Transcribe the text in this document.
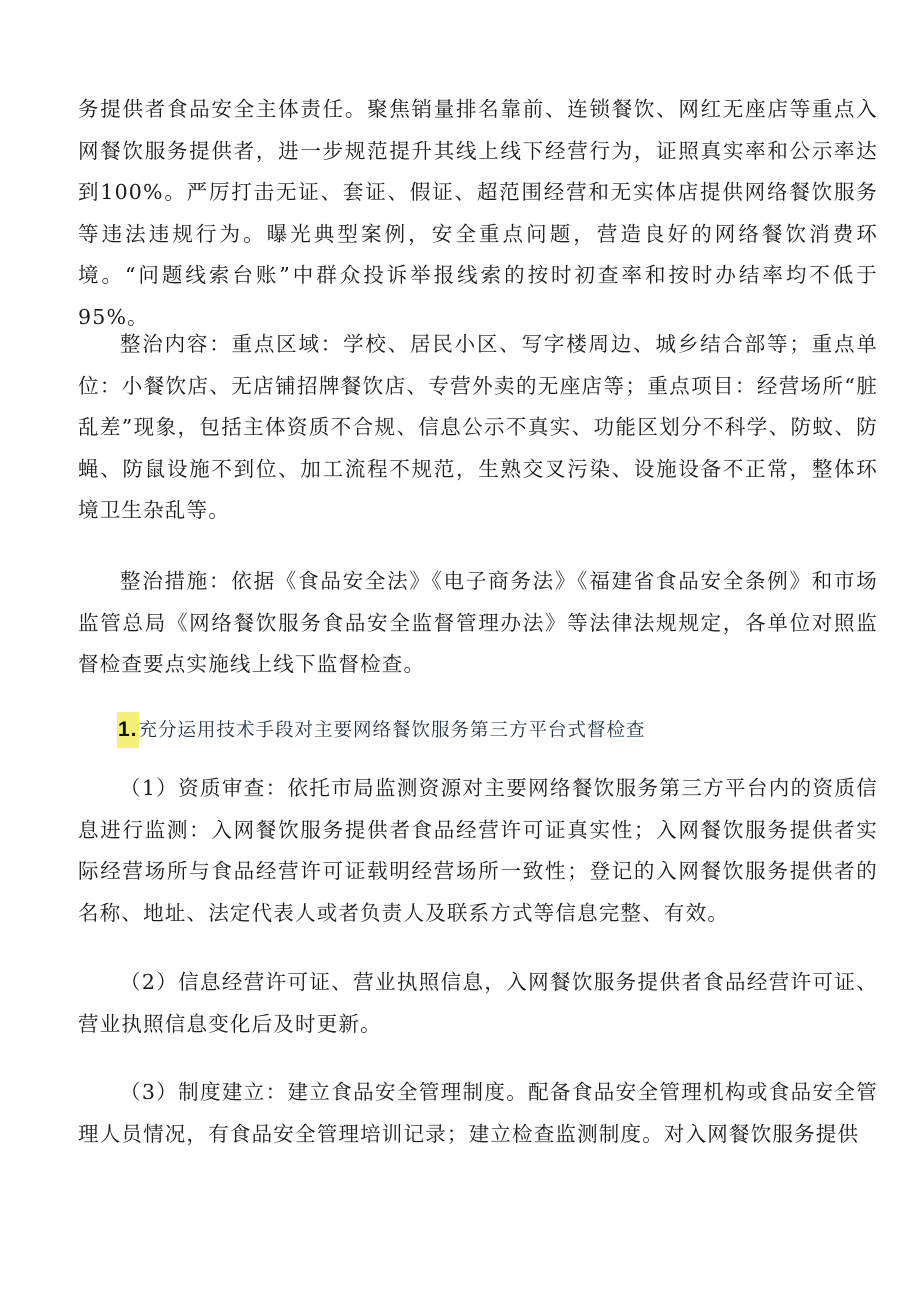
务提供者食品安全主体责任。聚焦销量排名靠前、连锁餐饮、网红无座店等重点入网餐饮服务提供者，进一步规范提升其线上线下经营行为，证照真实率和公示率达到100%。严厉打击无证、套证、假证、超范围经营和无实体店提供网络餐饮服务等违法违规行为。曝光典型案例，安全重点问题，营造良好的网络餐饮消费环境。“问题线索台账”中群众投诉举报线索的按时初查率和按时办结率均不低于95%。

整治内容：重点区域：学校、居民小区、写字楼周边、城乡结合部等；重点单位：小餐饮店、无店铺招牌餐饮店、专营外卖的无座店等；重点项目：经营场所“脏乱差”现象，包括主体资质不合规、信息公示不真实、功能区划分不科学、防蚊、防蝇、防鼠设施不到位、加工流程不规范，生熟交叉污染、设施设备不正常，整体环境卫生杂乱等。

整治措施：依据《食品安全法》《电子商务法》《福建省食品安全条例》和市场监管总局《网络餐饮服务食品安全监督管理办法》等法律法规规定，各单位对照监督检查要点实施线上线下监督检查。

1.充分运用技术手段对主要网络餐饮服务第三方平台式督检查

（1）资质审查：依托市局监测资源对主要网络餐饮服务第三方平台内的资质信息进行监测：入网餐饮服务提供者食品经营许可证真实性；入网餐饮服务提供者实际经营场所与食品经营许可证载明经营场所一致性；登记的入网餐饮服务提供者的名称、地址、法定代表人或者负责人及联系方式等信息完整、有效。

（2）信息经营许可证、营业执照信息，入网餐饮服务提供者食品经营许可证、营业执照信息变化后及时更新。

（3）制度建立：建立食品安全管理制度。配备食品安全管理机构或食品安全管理人员情况，有食品安全管理培训记录；建立检查监测制度。对入网餐饮服务提供
